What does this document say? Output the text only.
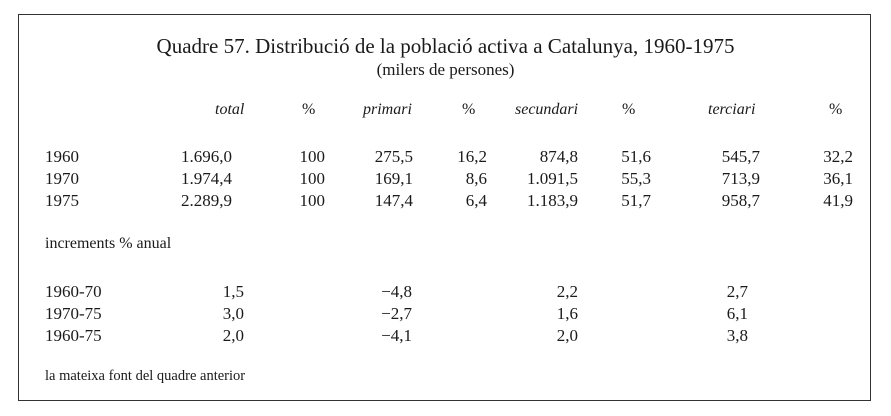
Quadre 57. Distribució de la població activa a Catalunya, 1960-1975
(milers de persones)
total	%	primari	% secundari	%	terciari	%
1960	1.696,0	100	275,5	16,2	874,8	51,6	545,7	32,2
1970	1.974,4	100	169,1	8,6 1.091,5	55,3	713,9	36,1
1975	2.289,9	100	147,4	6,4 1.183,9	51,7	958,7	41,9
increments % anual
1960-70	1,5	−4,8	2,2	2,7
1970-75	3,0	−2,7	1,6	6,1
1960-75	2,0	−4,1	2,0	3,8
la mateixa font del quadre anterior
